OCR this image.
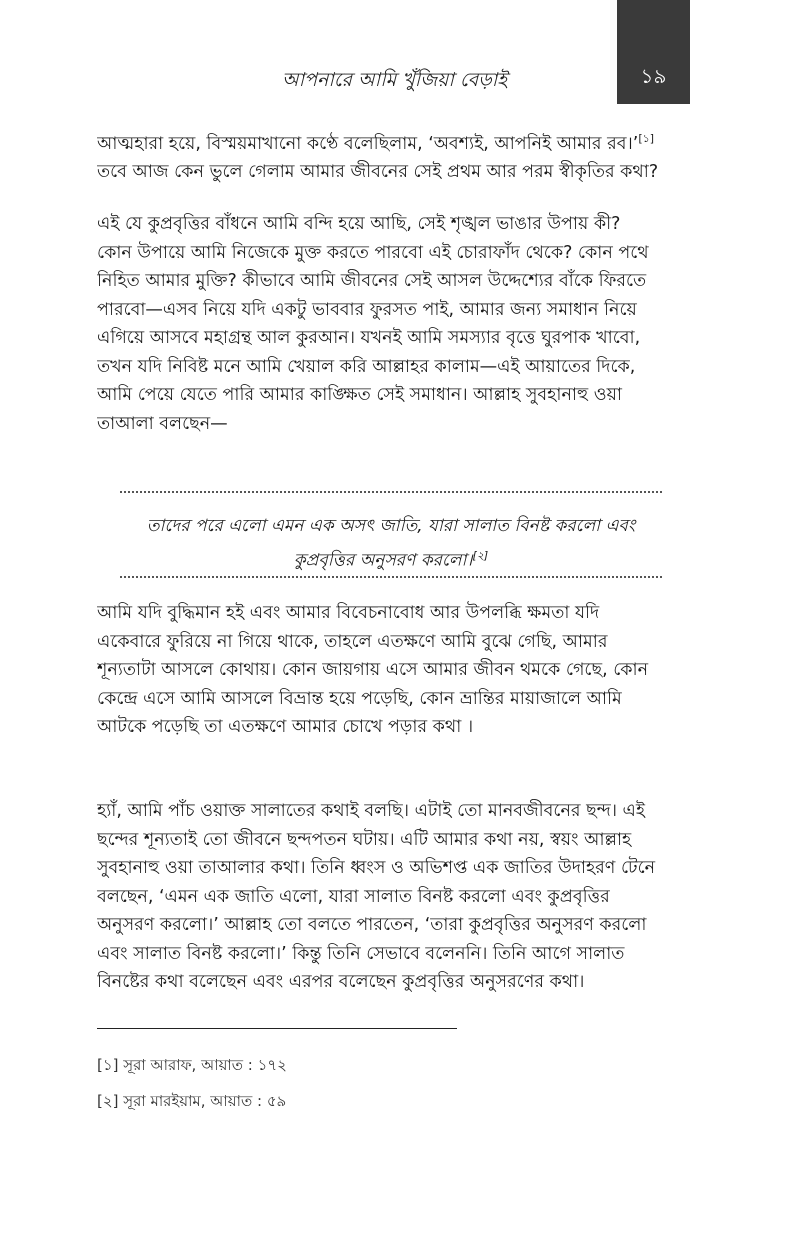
আপনারে আমি খুঁজিয়া বেড়াই	১৯
আত্মহারা হয়ে, বিস্ময়মাখানো কণ্ঠে বলেছিলাম, ‘অবশ্যই, আপনিই আমার রব।’[১]
তবে আজ কেন ভুলে গেলাম আমার জীবনের সেই প্রথম আর পরম স্বীকৃতির কথা?
এই যে কুপ্রবৃত্তির বাঁধনে আমি বন্দি হয়ে আছি, সেই শৃঙ্খল ভাঙার উপায় কী?
কোন উপায়ে আমি নিজেকে মুক্ত করতে পারবো এই চোরাফাঁদ থেকে? কোন পথে
নিহিত আমার মুক্তি? কীভাবে আমি জীবনের সেই আসল উদ্দেশ্যের বাঁকে ফিরতে
পারবো—এসব নিয়ে যদি একটু ভাববার ফুরসত পাই, আমার জন্য সমাধান নিয়ে
এগিয়ে আসবে মহাগ্রন্থ আল কুরআন। যখনই আমি সমস্যার বৃত্তে ঘুরপাক খাবো,
তখন যদি নিবিষ্ট মনে আমি খেয়াল করি আল্লাহর কালাম—এই আয়াতের দিকে,
আমি পেয়ে যেতে পারি আমার কাঙ্ক্ষিত সেই সমাধান। আল্লাহ সুবহানাহু ওয়া
তাআলা বলছেন—
তাদের পরে এলো এমন এক অসৎ জাতি, যারা সালাত বিনষ্ট করলো এবং
কুপ্রবৃত্তির অনুসরণ করলো।[২]
আমি যদি বুদ্ধিমান হই এবং আমার বিবেচনাবোধ আর উপলব্ধি ক্ষমতা যদি
একেবারে ফুরিয়ে না গিয়ে থাকে, তাহলে এতক্ষণে আমি বুঝে গেছি, আমার
শূন্যতাটা আসলে কোথায়। কোন জায়গায় এসে আমার জীবন থমকে গেছে, কোন
কেন্দ্রে এসে আমি আসলে বিভ্রান্ত হয়ে পড়েছি, কোন ভ্রান্তির মায়াজালে আমি
আটকে পড়েছি তা এতক্ষণে আমার চোখে পড়ার কথা ।
হ্যাঁ, আমি পাঁচ ওয়াক্ত সালাতের কথাই বলছি। এটাই তো মানবজীবনের ছন্দ। এই
ছন্দের শূন্যতাই তো জীবনে ছন্দপতন ঘটায়। এটি আমার কথা নয়, স্বয়ং আল্লাহ
সুবহানাহু ওয়া তাআলার কথা। তিনি ধ্বংস ও অভিশপ্ত এক জাতির উদাহরণ টেনে
বলছেন, ‘এমন এক জাতি এলো, যারা সালাত বিনষ্ট করলো এবং কুপ্রবৃত্তির
অনুসরণ করলো।’ আল্লাহ তো বলতে পারতেন, ‘তারা কুপ্রবৃত্তির অনুসরণ করলো
এবং সালাত বিনষ্ট করলো।’ কিন্তু তিনি সেভাবে বলেননি। তিনি আগে সালাত
বিনষ্টের কথা বলেছেন এবং এরপর বলেছেন কুপ্রবৃত্তির অনুসরণের কথা।
[১] সূরা আরাফ, আয়াত : ১৭২
[২] সূরা মারইয়াম, আয়াত : ৫৯
